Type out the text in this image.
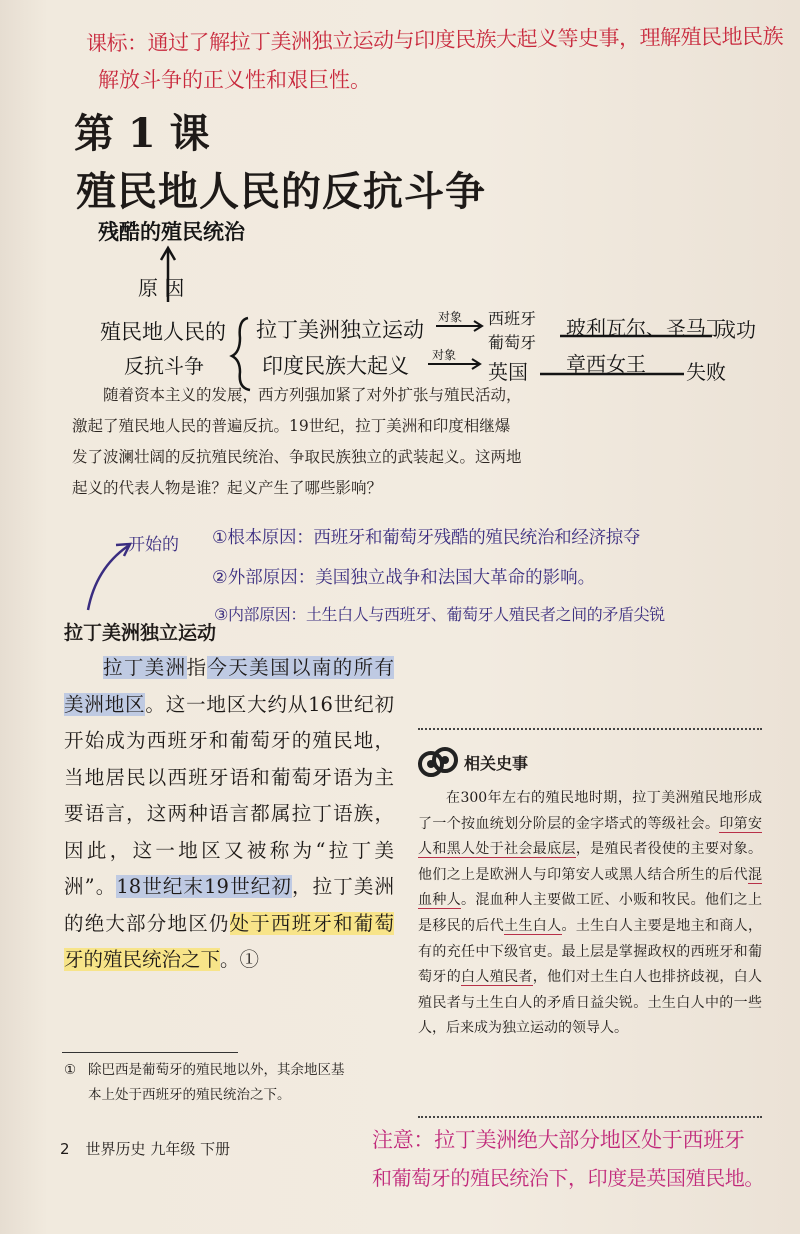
课标：通过了解拉丁美洲独立运动与印度民族大起义等史事，理解殖民地民族
解放斗争的正义性和艰巨性。
第 1 课
殖民地人民的反抗斗争
残酷的殖民统治
原 因
殖民地人民的
反抗斗争
拉丁美洲独立运动
对象 西班牙
葡萄牙
玻利瓦尔、圣马丁
成功
印度民族大起义 对象
英国 章西女王 失败

随着资本主义的发展，西方列强加紧了对外扩张与殖民活动，激起了殖民地人民的普遍反抗。19世纪，拉丁美洲和印度相继爆发了波澜壮阔的反抗殖民统治、争取民族独立的武装起义。这两地起义的代表人物是谁？起义产生了哪些影响？

开始的 ①根本原因：西班牙和葡萄牙残酷的殖民统治和经济掠夺
②外部原因：美国独立战争和法国大革命的影响。
③内部原因：土生白人与西班牙、葡萄牙人殖民者之间的矛盾尖锐
拉丁美洲独立运动

拉丁美洲指今天美国以南的所有美洲地区。这一地区大约从16世纪初开始成为西班牙和葡萄牙的殖民地，当地居民以西班牙语和葡萄牙语为主要语言，这两种语言都属拉丁语族，因此，这一地区又被称为“拉丁美洲”。18世纪末19世纪初，拉丁美洲的绝大部分地区仍处于西班牙和葡萄牙的殖民统治之下。①

① 除巴西是葡萄牙的殖民地以外，其余地区基
本上处于西班牙的殖民统治之下。
2 世界历史 九年级 下册
相关史事

在300年左右的殖民地时期，拉丁美洲殖民地形成了一个按血统划分阶层的金字塔式的等级社会。印第安人和黑人处于社会最底层，是殖民者役使的主要对象。他们之上是欧洲人与印第安人或黑人结合所生的后代混血种人。混血种人主要做工匠、小贩和牧民。他们之上是移民的后代土生白人。土生白人主要是地主和商人，有的充任中下级官吏。最上层是掌握政权的西班牙和葡萄牙的白人殖民者，他们对土生白人也排挤歧视，白人殖民者与土生白人的矛盾日益尖锐。土生白人中的一些人，后来成为独立运动的领导人。

注意：拉丁美洲绝大部分地区处于西班牙
和葡萄牙的殖民统治下，印度是英国殖民地。
